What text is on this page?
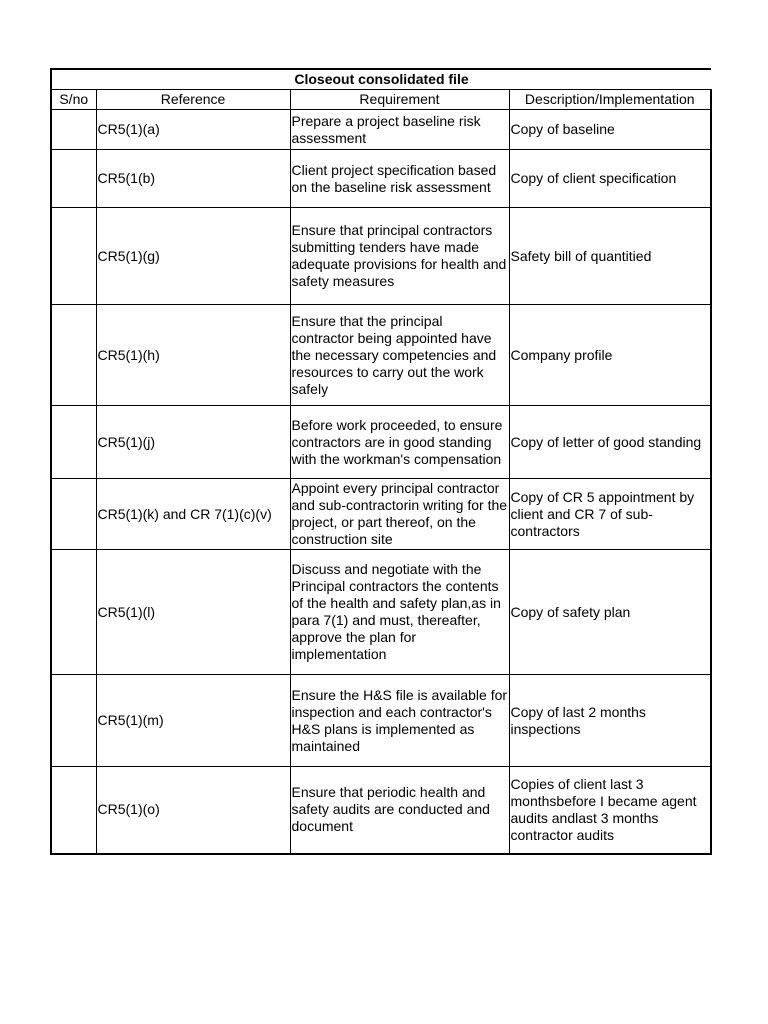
Closeout consolidated file			
S/no	Reference	Requirement	Description/Implementation
	CR5(1)(a)	Prepare a project baseline risk assessment	Copy of baseline
	CR5(1(b)	Client project specification based on the baseline risk assessment	Copy of client specification
	CR5(1)(g)	Ensure that principal contractors submitting tenders have made adequate provisions for health and safety measures	Safety bill of quantitied
	CR5(1)(h)	Ensure that the principal contractor being appointed have the necessary competencies and resources to carry out the work safely	Company profile
	CR5(1)(j)	Before work proceeded, to ensure contractors are in good standing with the workman's compensation	Copy of letter of good standing
	CR5(1)(k) and CR 7(1)(c)(v)	Appoint every principal contractor and sub-contractorin writing for the project, or part thereof, on the construction site	Copy of CR 5 appointment by client and CR 7 of sub-contractors
	CR5(1)(l)	Discuss and negotiate with the Principal contractors the contents of the health and safety plan,as in para 7(1) and must, thereafter, approve the plan for implementation	Copy of safety plan
	CR5(1)(m)	Ensure the H&S file is available for inspection and each contractor's H&S plans is implemented as maintained	Copy of last 2 months inspections
	CR5(1)(o)	Ensure that periodic health and safety audits are conducted and document	Copies of client last 3 monthsbefore I became agent audits andlast 3 months contractor audits
